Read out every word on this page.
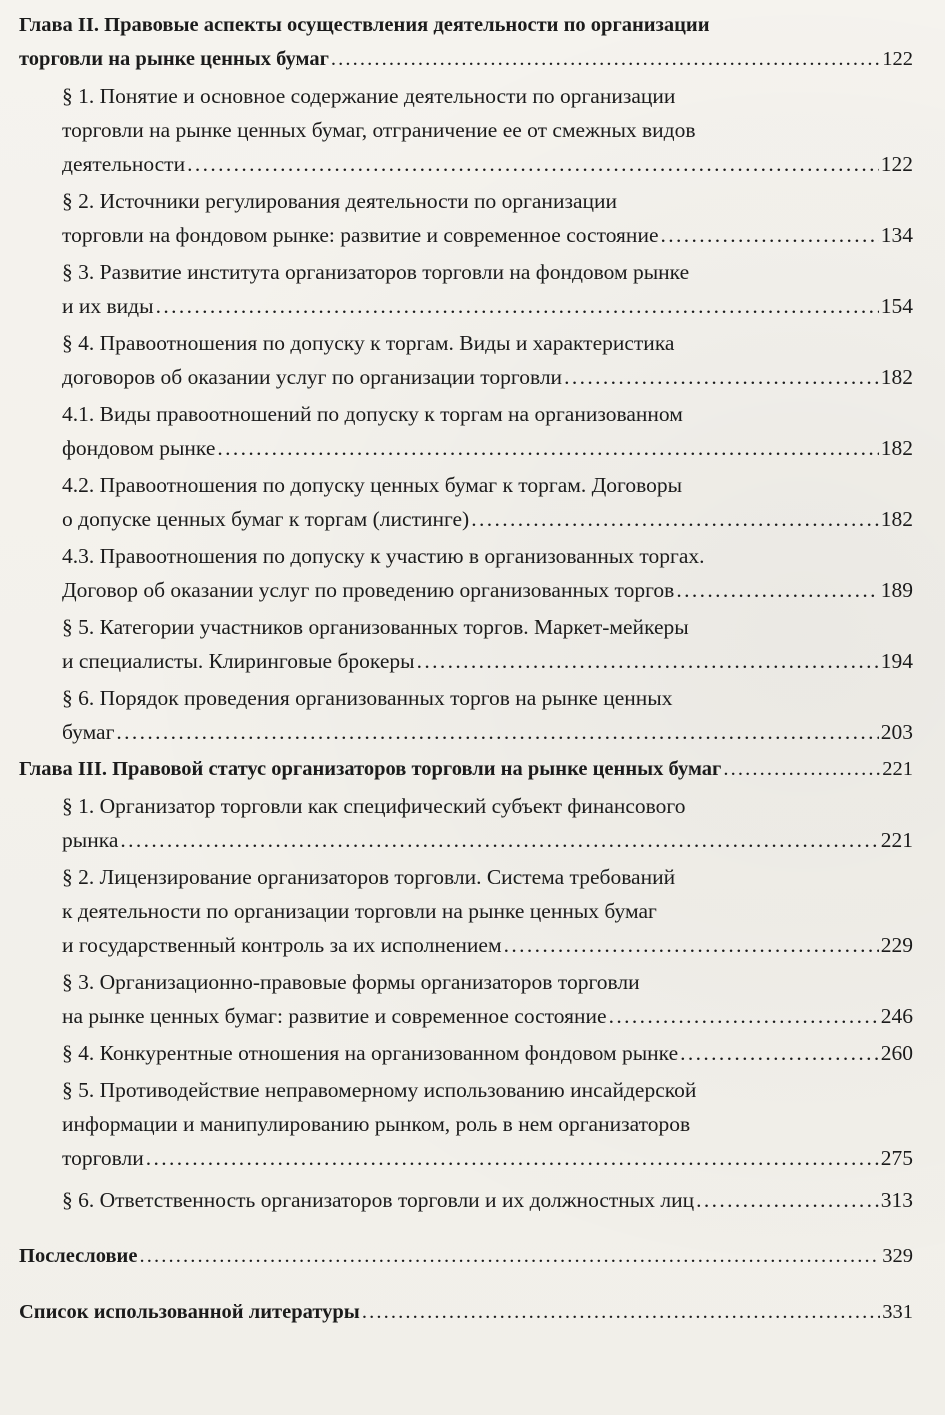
Глава II. Правовые аспекты осуществления деятельности по организации
торговли на рынке ценных бумаг . . .	122
§ 1. Понятие и основное содержание деятельности по организации
торговли на рынке ценных бумаг, отграничение ее от смежных видов
деятельности . . .	122
§ 2. Источники регулирования деятельности по организации
торговли на фондовом рынке: развитие и современное состояние . . .	134
§ 3. Развитие института организаторов торговли на фондовом рынке
и их виды . . .	154
§ 4. Правоотношения по допуску к торгам. Виды и характеристика
договоров об оказании услуг по организации торговли . . .	182
4.1. Виды правоотношений по допуску к торгам на организованном
фондовом рынке . . .	182
4.2. Правоотношения по допуску ценных бумаг к торгам. Договоры
о допуске ценных бумаг к торгам (листинге) . . .	182
4.3. Правоотношения по допуску к участию в организованных торгах.
Договор об оказании услуг по проведению организованных торгов . . .	189
§ 5. Категории участников организованных торгов. Маркет-мейкеры
и специалисты. Клиринговые брокеры . . .	194
§ 6. Порядок проведения организованных торгов на рынке ценных
бумаг . . .	203
Глава III. Правовой статус организаторов торговли на рынке ценных бумаг . . .	221
§ 1. Организатор торговли как специфический субъект финансового
рынка . . .	221
§ 2. Лицензирование организаторов торговли. Система требований
к деятельности по организации торговли на рынке ценных бумаг
и государственный контроль за их исполнением . . .	229
§ 3. Организационно-правовые формы организаторов торговли
на рынке ценных бумаг: развитие и современное состояние . . .	246
§ 4. Конкурентные отношения на организованном фондовом рынке . . .	260
§ 5. Противодействие неправомерному использованию инсайдерской
информации и манипулированию рынком, роль в нем организаторов
торговли . . .	275
§ 6. Ответственность организаторов торговли и их должностных лиц . . .	313
Послесловие . . .	329
Список использованной литературы . . .	331
